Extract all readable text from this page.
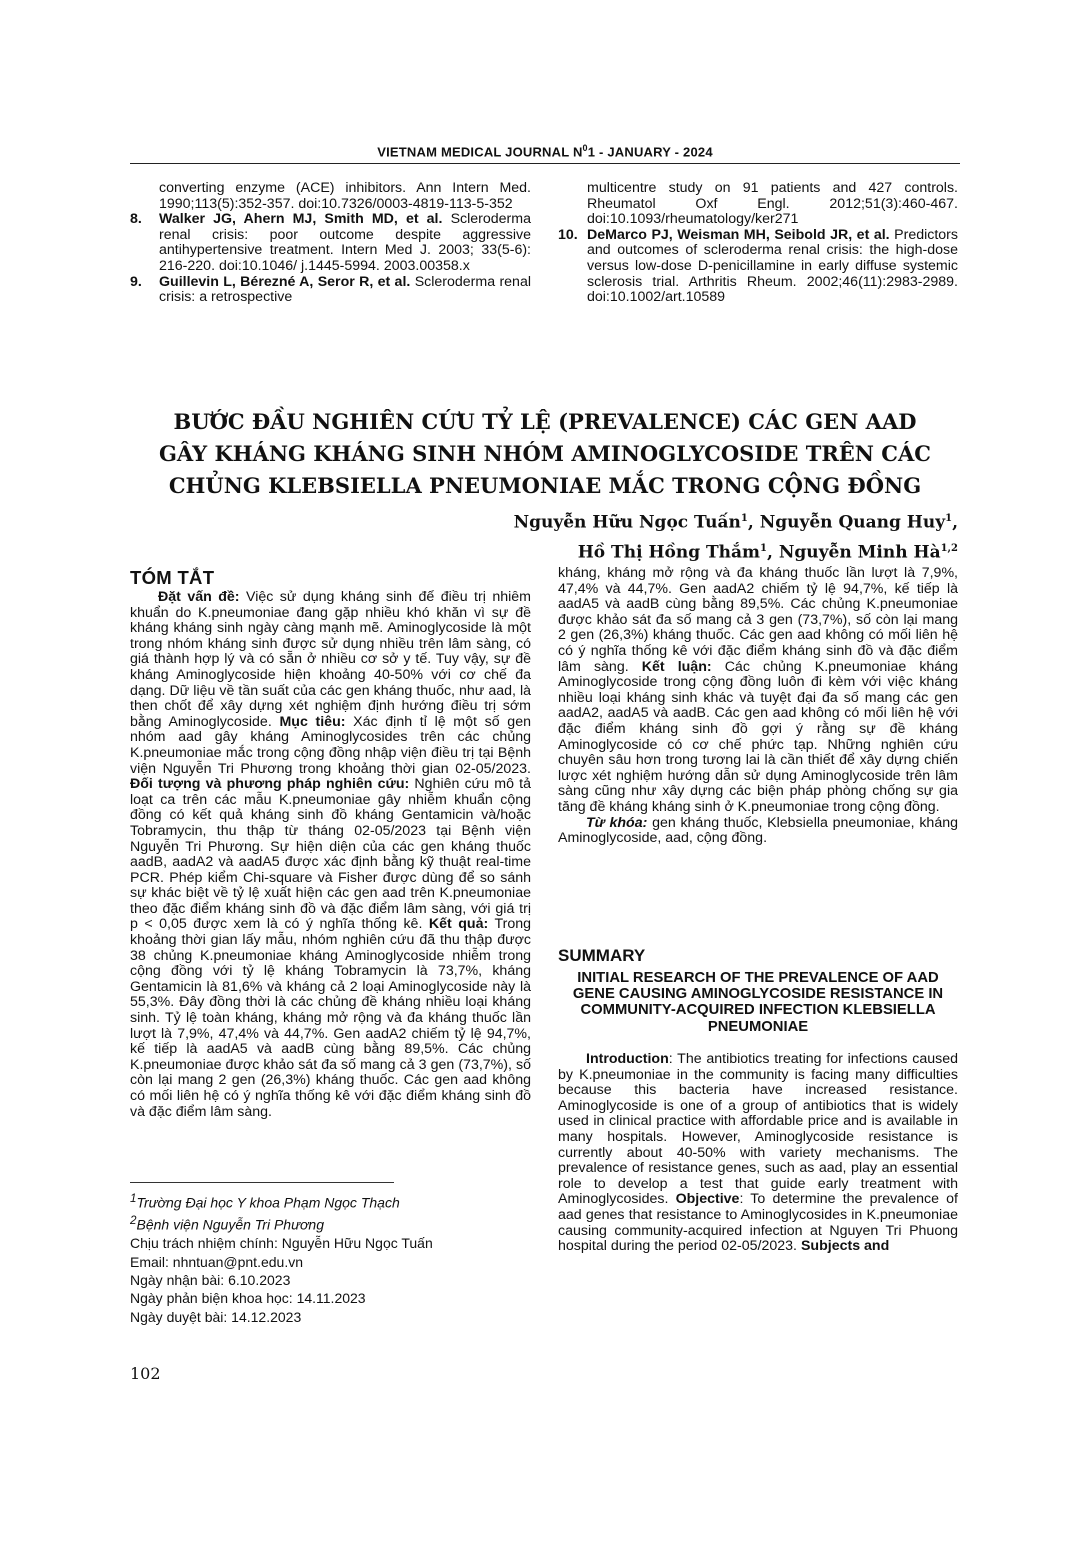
VIETNAM MEDICAL JOURNAL $N^01$ - JANUARY - 2024
converting enzyme (ACE) inhibitors. Ann Intern Med. 1990;113(5):352-357. doi:10.7326/0003-4819-113-5-352
8. Walker JG, Ahern MJ, Smith MD, et al. Scleroderma renal crisis: poor outcome despite aggressive antihypertensive treatment. Intern Med J. 2003; 33(5-6): 216-220. doi:10.1046/ j.1445-5994. 2003.00358.x
9. Guillevin L, Bérezné A, Seror R, et al. Scleroderma renal crisis: a retrospective
multicentre study on 91 patients and 427 controls. Rheumatol Oxf Engl. 2012;51(3):460-467. doi:10.1093/rheumatology/ker271
10. DeMarco PJ, Weisman MH, Seibold JR, et al. Predictors and outcomes of scleroderma renal crisis: the high-dose versus low-dose D-penicillamine in early diffuse systemic sclerosis trial. Arthritis Rheum. 2002;46(11):2983-2989. doi:10.1002/art.10589
BƯỚC ĐẦU NGHIÊN CỨU TỶ LỆ (PREVALENCE) CÁC GEN AAD
GÂY KHÁNG KHÁNG SINH NHÓM AMINOGLYCOSIDE TRÊN CÁC
CHỦNG KLEBSIELLA PNEUMONIAE MẮC TRONG CỘNG ĐỒNG
Nguyễn Hữu Ngọc Tuấn$^1$, Nguyễn Quang Huy$^1$,
Hồ Thị Hồng Thắm$^1$, Nguyễn Minh Hà$^{1,2}$
TÓM TẮT

Đặt vấn đề: Việc sử dụng kháng sinh để điều trị nhiễm khuẩn do K.pneumoniae đang gặp nhiều khó khăn vì sự đề kháng kháng sinh ngày càng mạnh mẽ. Aminoglycoside là một trong nhóm kháng sinh được sử dụng nhiều trên lâm sàng, có giá thành hợp lý và có sẵn ở nhiều cơ sở y tế. Tuy vậy, sự đề kháng Aminoglycoside hiện khoảng 40-50% với cơ chế đa dạng. Dữ liệu về tần suất của các gen kháng thuốc, như aad, là then chốt để xây dựng xét nghiệm định hướng điều trị sớm bằng Aminoglycoside. Mục tiêu: Xác định tỉ lệ một số gen nhóm aad gây kháng Aminoglycosides trên các chủng K.pneumoniae mắc trong cộng đồng nhập viện điều trị tại Bệnh viện Nguyễn Tri Phương trong khoảng thời gian 02-05/2023. Đối tượng và phương pháp nghiên cứu: Nghiên cứu mô tả loạt ca trên các mẫu K.pneumoniae gây nhiễm khuẩn cộng đồng có kết quả kháng sinh đồ kháng Gentamicin và/hoặc Tobramycin, thu thập từ tháng 02-05/2023 tại Bệnh viện Nguyễn Tri Phương. Sự hiện diện của các gen kháng thuốc aadB, aadA2 và aadA5 được xác định bằng kỹ thuật real-time PCR. Phép kiểm Chi-square và Fisher được dùng để so sánh sự khác biệt về tỷ lệ xuất hiện các gen aad trên K.pneumoniae theo đặc điểm kháng sinh đồ và đặc điểm lâm sàng, với giá trị p < 0,05 được xem là có ý nghĩa thống kê. Kết quả: Trong khoảng thời gian lấy mẫu, nhóm nghiên cứu đã thu thập được 38 chủng K.pneumoniae kháng Aminoglycoside nhiễm trong cộng đồng với tỷ lệ kháng Tobramycin là 73,7%, kháng Gentamicin là 81,6% và kháng cả 2 loại Aminoglycoside này là 55,3%. Đây đồng thời là các chủng đề kháng nhiều loại kháng sinh. Tỷ lệ toàn kháng, kháng mở rộng và đa kháng thuốc lần lượt là 7,9%, 47,4% và 44,7%. Gen aadA2 chiếm tỷ lệ 94,7%, kế tiếp là aadA5 và aadB cùng bằng 89,5%. Các chủng K.pneumoniae được khảo sát đa số mang cả 3 gen (73,7%), số còn lại mang 2 gen (26,3%) kháng thuốc. Các gen aad không có mối liên hệ có ý nghĩa thống kê với đặc điểm kháng sinh đồ và đặc điểm lâm sàng.

$^1$Trường Đại học Y khoa Phạm Ngọc Thạch
$^2$Bệnh viện Nguyễn Tri Phương
Chịu trách nhiệm chính: Nguyễn Hữu Ngọc Tuấn
Email: nhntuan@pnt.edu.vn
Ngày nhận bài: 6.10.2023
Ngày phản biện khoa học: 14.11.2023
Ngày duyệt bài: 14.12.2023

kháng, kháng mở rộng và đa kháng thuốc lần lượt là 7,9%, 47,4% và 44,7%. Gen aadA2 chiếm tỷ lệ 94,7%, kế tiếp là aadA5 và aadB cùng bằng 89,5%. Các chủng K.pneumoniae được khảo sát đa số mang cả 3 gen (73,7%), số còn lại mang 2 gen (26,3%) kháng thuốc. Các gen aad không có mối liên hệ có ý nghĩa thống kê với đặc điểm kháng sinh đồ và đặc điểm lâm sàng. Kết luận: Các chủng K.pneumoniae kháng Aminoglycoside trong cộng đồng luôn đi kèm với việc kháng nhiều loại kháng sinh khác và tuyệt đại đa số mang các gen aadA2, aadA5 và aadB. Các gen aad không có mối liên hệ với đặc điểm kháng sinh đồ gợi ý rằng sự đề kháng Aminoglycoside có cơ chế phức tạp. Những nghiên cứu chuyên sâu hơn trong tương lai là cần thiết để xây dựng chiến lược xét nghiệm hướng dẫn sử dụng Aminoglycoside trên lâm sàng cũng như xây dựng các biện pháp phòng chống sự gia tăng đề kháng kháng sinh ở K.pneumoniae trong cộng đồng.

Từ khóa: gen kháng thuốc, Klebsiella pneumoniae, kháng Aminoglycoside, aad, cộng đồng.

SUMMARY
INITIAL RESEARCH OF THE PREVALENCE OF AAD GENE CAUSING AMINOGLYCOSIDE RESISTANCE IN COMMUNITY-ACQUIRED INFECTION KLEBSIELLA PNEUMONIAE

Introduction: The antibiotics treating for infections caused by K.pneumoniae in the community is facing many difficulties because this bacteria have increased resistance. Aminoglycoside is one of a group of antibiotics that is widely used in clinical practice with affordable price and is available in many hospitals. However, Aminoglycoside resistance is currently about 40-50% with variety mechanisms. The prevalence of resistance genes, such as aad, play an essential role to develop a test that guide early treatment with Aminoglycosides. Objective: To determine the prevalence of aad genes that resistance to Aminoglycosides in K.pneumoniae causing community-acquired infection at Nguyen Tri Phuong hospital during the period 02-05/2023. Subjects and

102
